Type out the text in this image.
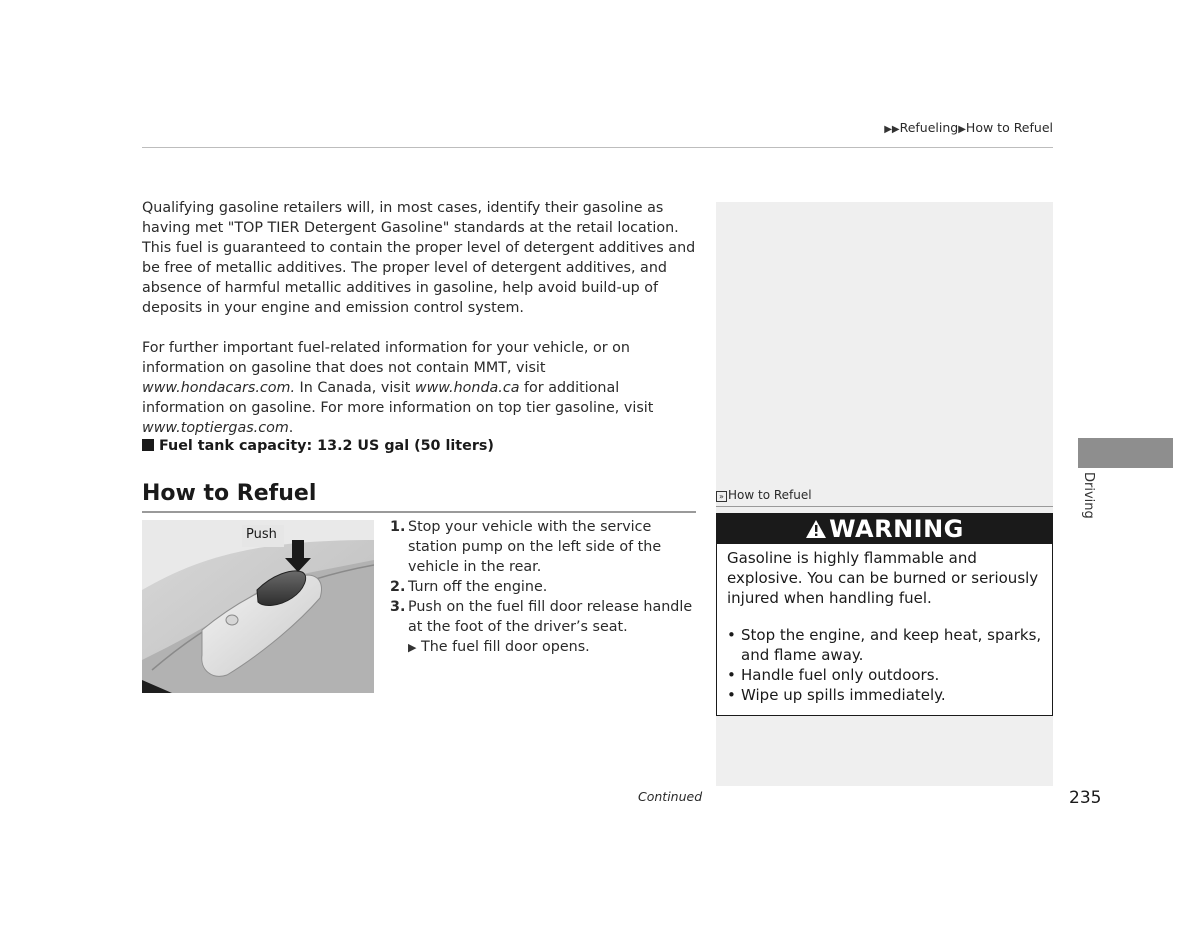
▶▶Refueling▶How to Refuel
Driving

Qualifying gasoline retailers will, in most cases, identify their gasoline as having met "TOP TIER Detergent Gasoline" standards at the retail location. This fuel is guaranteed to contain the proper level of detergent additives and be free of metallic additives. The proper level of detergent additives, and absence of harmful metallic additives in gasoline, help avoid build-up of deposits in your engine and emission control system.

For further important fuel-related information for your vehicle, or on information on gasoline that does not contain MMT, visit www.hondacars.com. In Canada, visit www.honda.ca for additional information on gasoline. For more information on top tier gasoline, visit www.toptiergas.com.

Fuel tank capacity: 13.2 US gal (50 liters)
How to Refuel
Push	1. Stop your vehicle with the service station pump on the left side of the vehicle in the rear.
2. Turn off the engine.
3. Push on the fuel fill door release handle at the foot of the driver’s seat.
▶ The fuel fill door opens.
» How to Refuel
WARNING

Gasoline is highly flammable and explosive. You can be burned or seriously injured when handling fuel.

• Stop the engine, and keep heat, sparks, and flame away.
• Handle fuel only outdoors.
• Wipe up spills immediately.
Continued	235
